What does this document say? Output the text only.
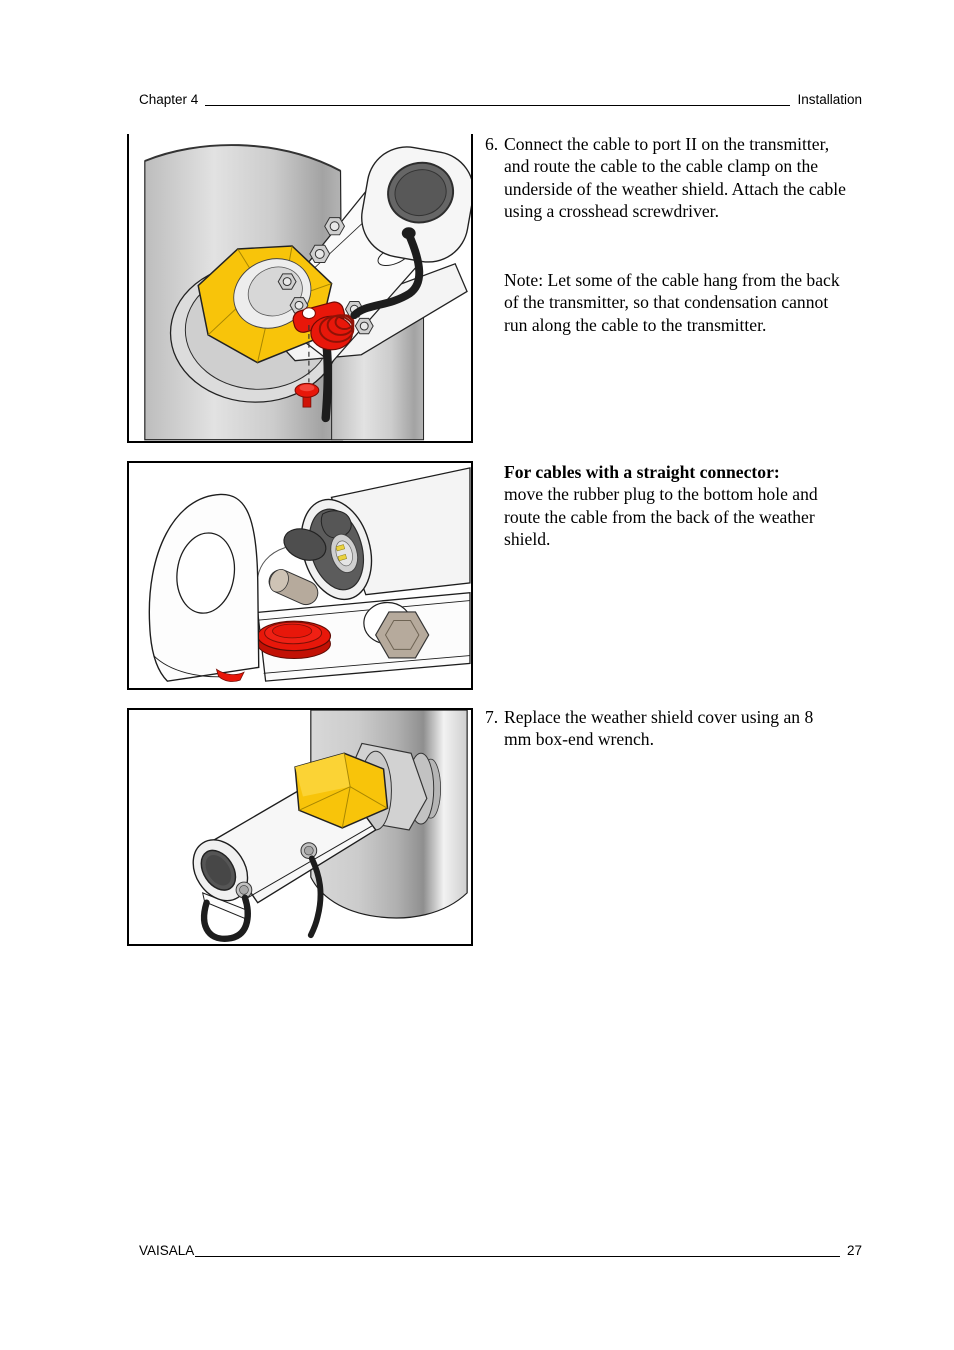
Chapter 4	Installation
6. Connect the cable to port II on the transmitter, and route the cable to the cable clamp on the underside of the weather shield. Attach the cable using a crosshead screwdriver.
Note: Let some of the cable hang from the back of the transmitter, so that condensation cannot run along the cable to the transmitter.
For cables with a straight connector:
move the rubber plug to the bottom hole and route the cable from the back of the weather shield.
7. Replace the weather shield cover using an 8 mm box-end wrench.
VAISALA	27
